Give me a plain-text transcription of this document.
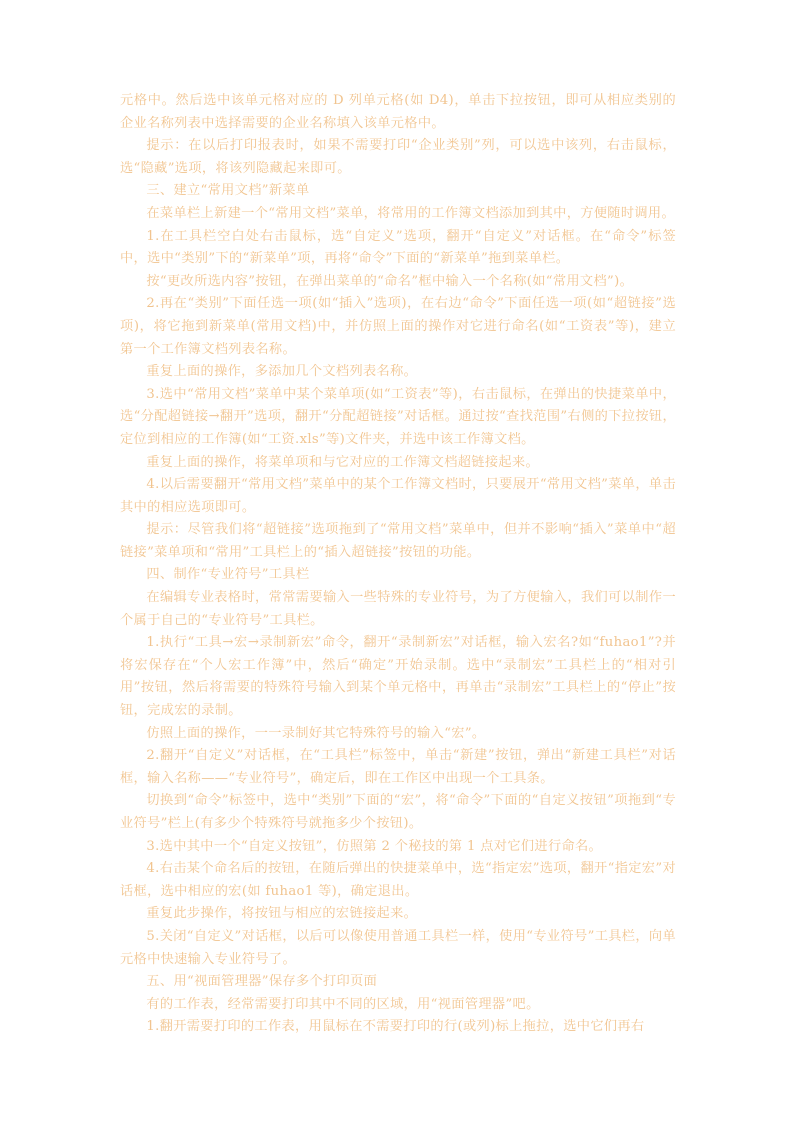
元格中。然后选中该单元格对应的 D 列单元格(如 D4)，单击下拉按钮，即可从相应类别的企业名称列表中选择需要的企业名称填入该单元格中。

提示：在以后打印报表时，如果不需要打印“企业类别”列，可以选中该列，右击鼠标，选“隐藏”选项，将该列隐藏起来即可。

三、建立“常用文档”新菜单

在菜单栏上新建一个“常用文档”菜单，将常用的工作簿文档添加到其中，方便随时调用。

1.在工具栏空白处右击鼠标，选“自定义”选项，翻开“自定义”对话框。在“命令”标签中，选中“类别”下的“新菜单”项，再将“命令”下面的“新菜单”拖到菜单栏。

按“更改所选内容”按钮，在弹出菜单的“命名”框中输入一个名称(如“常用文档”)。

2.再在“类别”下面任选一项(如“插入”选项)，在右边“命令”下面任选一项(如“超链接”选项)，将它拖到新菜单(常用文档)中，并仿照上面的操作对它进行命名(如“工资表”等)，建立第一个工作簿文档列表名称。

重复上面的操作，多添加几个文档列表名称。

3.选中“常用文档”菜单中某个菜单项(如“工资表”等)，右击鼠标，在弹出的快捷菜单中，选“分配超链接→翻开”选项，翻开“分配超链接”对话框。通过按“查找范围”右侧的下拉按钮，定位到相应的工作簿(如“工资.xls”等)文件夹，并选中该工作簿文档。

重复上面的操作，将菜单项和与它对应的工作簿文档超链接起来。

4.以后需要翻开“常用文档”菜单中的某个工作簿文档时，只要展开“常用文档”菜单，单击其中的相应选项即可。

提示：尽管我们将“超链接”选项拖到了“常用文档”菜单中，但并不影响“插入”菜单中“超链接”菜单项和“常用”工具栏上的“插入超链接”按钮的功能。

四、制作“专业符号”工具栏

在编辑专业表格时，常常需要输入一些特殊的专业符号，为了方便输入，我们可以制作一个属于自己的“专业符号”工具栏。

1.执行“工具→宏→录制新宏”命令，翻开“录制新宏”对话框，输入宏名?如“fuhao1”?并将宏保存在“个人宏工作簿”中，然后“确定”开始录制。选中“录制宏”工具栏上的“相对引用”按钮，然后将需要的特殊符号输入到某个单元格中，再单击“录制宏”工具栏上的“停止”按钮，完成宏的录制。

仿照上面的操作，一一录制好其它特殊符号的输入“宏”。

2.翻开“自定义”对话框，在“工具栏”标签中，单击“新建”按钮，弹出“新建工具栏”对话框，输入名称——“专业符号”，确定后，即在工作区中出现一个工具条。

切换到“命令”标签中，选中“类别”下面的“宏”，将“命令”下面的“自定义按钮”项拖到“专业符号”栏上(有多少个特殊符号就拖多少个按钮)。

3.选中其中一个“自定义按钮”，仿照第 2 个秘技的第 1 点对它们进行命名。

4.右击某个命名后的按钮，在随后弹出的快捷菜单中，选“指定宏”选项，翻开“指定宏”对话框，选中相应的宏(如 fuhao1 等)，确定退出。

重复此步操作，将按钮与相应的宏链接起来。

5.关闭“自定义”对话框，以后可以像使用普通工具栏一样，使用“专业符号”工具栏，向单元格中快速输入专业符号了。

五、用“视面管理器”保存多个打印页面

有的工作表，经常需要打印其中不同的区域，用“视面管理器”吧。

1.翻开需要打印的工作表，用鼠标在不需要打印的行(或列)标上拖拉，选中它们再右
